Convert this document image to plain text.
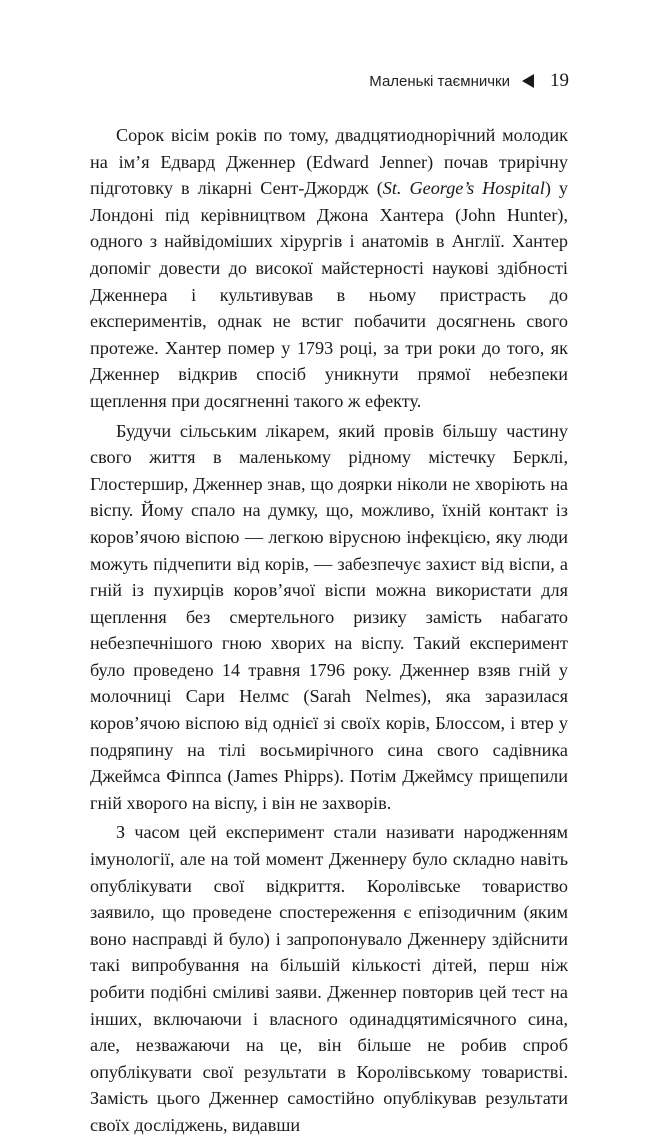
Маленькі таємнички 19

Сорок вісім років по тому, двадцятиоднорічний молодик на ім’я Едвард Дженнер (Edward Jenner) почав трирічну підготовку в лікарні Сент-Джордж (St. George’s Hospital) у Лондоні під керівництвом Джона Хантера (John Hunter), одного з найвідоміших хірургів і анатомів в Англії. Хантер допоміг довести до високої майстерності наукові здібності Дженнера і культивував в ньому пристрасть до експериментів, однак не встиг побачити досягнень свого протеже. Хантер помер у 1793 році, за три роки до того, як Дженнер відкрив спосіб уникнути прямої небезпеки щеплення при досягненні такого ж ефекту.

Будучи сільським лікарем, який провів більшу частину свого життя в маленькому рідному містечку Берклі, Глостершир, Дженнер знав, що доярки ніколи не хворіють на віспу. Йому спало на думку, що, можливо, їхній контакт із коров’ячою віспою — легкою вірусною інфекцією, яку люди можуть підчепити від корів, — забезпечує захист від віспи, а гній із пухирців коров’ячої віспи можна використати для щеплення без смертельного ризику замість набагато небезпечнішого гною хворих на віспу. Такий експеримент було проведено 14 травня 1796 року. Дженнер взяв гній у молочниці Сари Нелмс (Sarah Nelmes), яка заразилася коров’ячою віспою від однієї зі своїх корів, Блоссом, і втер у подряпину на тілі восьмирічного сина свого садівника Джеймса Фіппса (James Phipps). Потім Джеймсу прищепили гній хворого на віспу, і він не захворів.

З часом цей експеримент стали називати народженням імунології, але на той момент Дженнеру було складно навіть опублікувати свої відкриття. Королівське товариство заявило, що проведене спостереження є епізодичним (яким воно насправді й було) і запропонувало Дженнеру здійснити такі випробування на більшій кількості дітей, перш ніж робити подібні сміливі заяви. Дженнер повторив цей тест на інших, включаючи і власного одинадцятимісячного сина, але, незважаючи на це, він більше не робив спроб опублікувати свої результати в Королівському товаристві. Замість цього Дженнер самостійно опублікував результати своїх досліджень, видавши
